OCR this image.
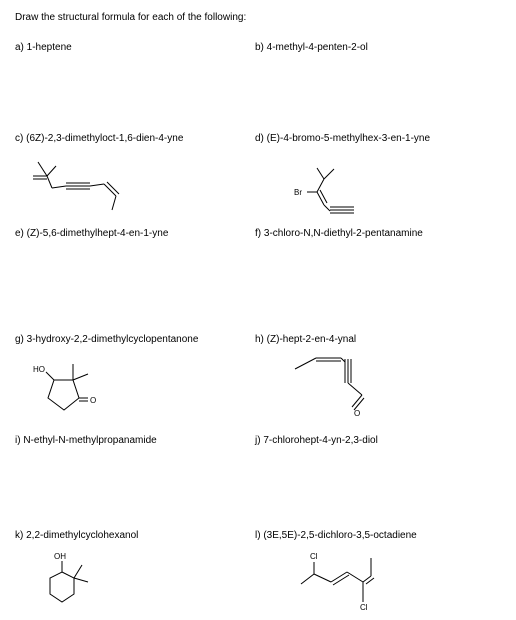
Draw the structural formula for each of the following:
a) 1-heptene	b) 4-methyl-4-penten-2-ol
c) (6Z)-2,3-dimethyloct-1,6-dien-4-yne	d) (E)-4-bromo-5-methylhex-3-en-1-yne
e) (Z)-5,6-dimethylhept-4-en-1-yne	f) 3-chloro-N,N-diethyl-2-pentanamine
g) 3-hydroxy-2,2-dimethylcyclopentanone	h) (Z)-hept-2-en-4-ynal
i) N-ethyl-N-methylpropanamide	j) 7-chlorohept-4-yn-2,3-diol
k) 2,2-dimethylcyclohexanol	l) (3E,5E)-2,5-dichloro-3,5-octadiene
Br
HO
O
O
OH	Cl
Cl
